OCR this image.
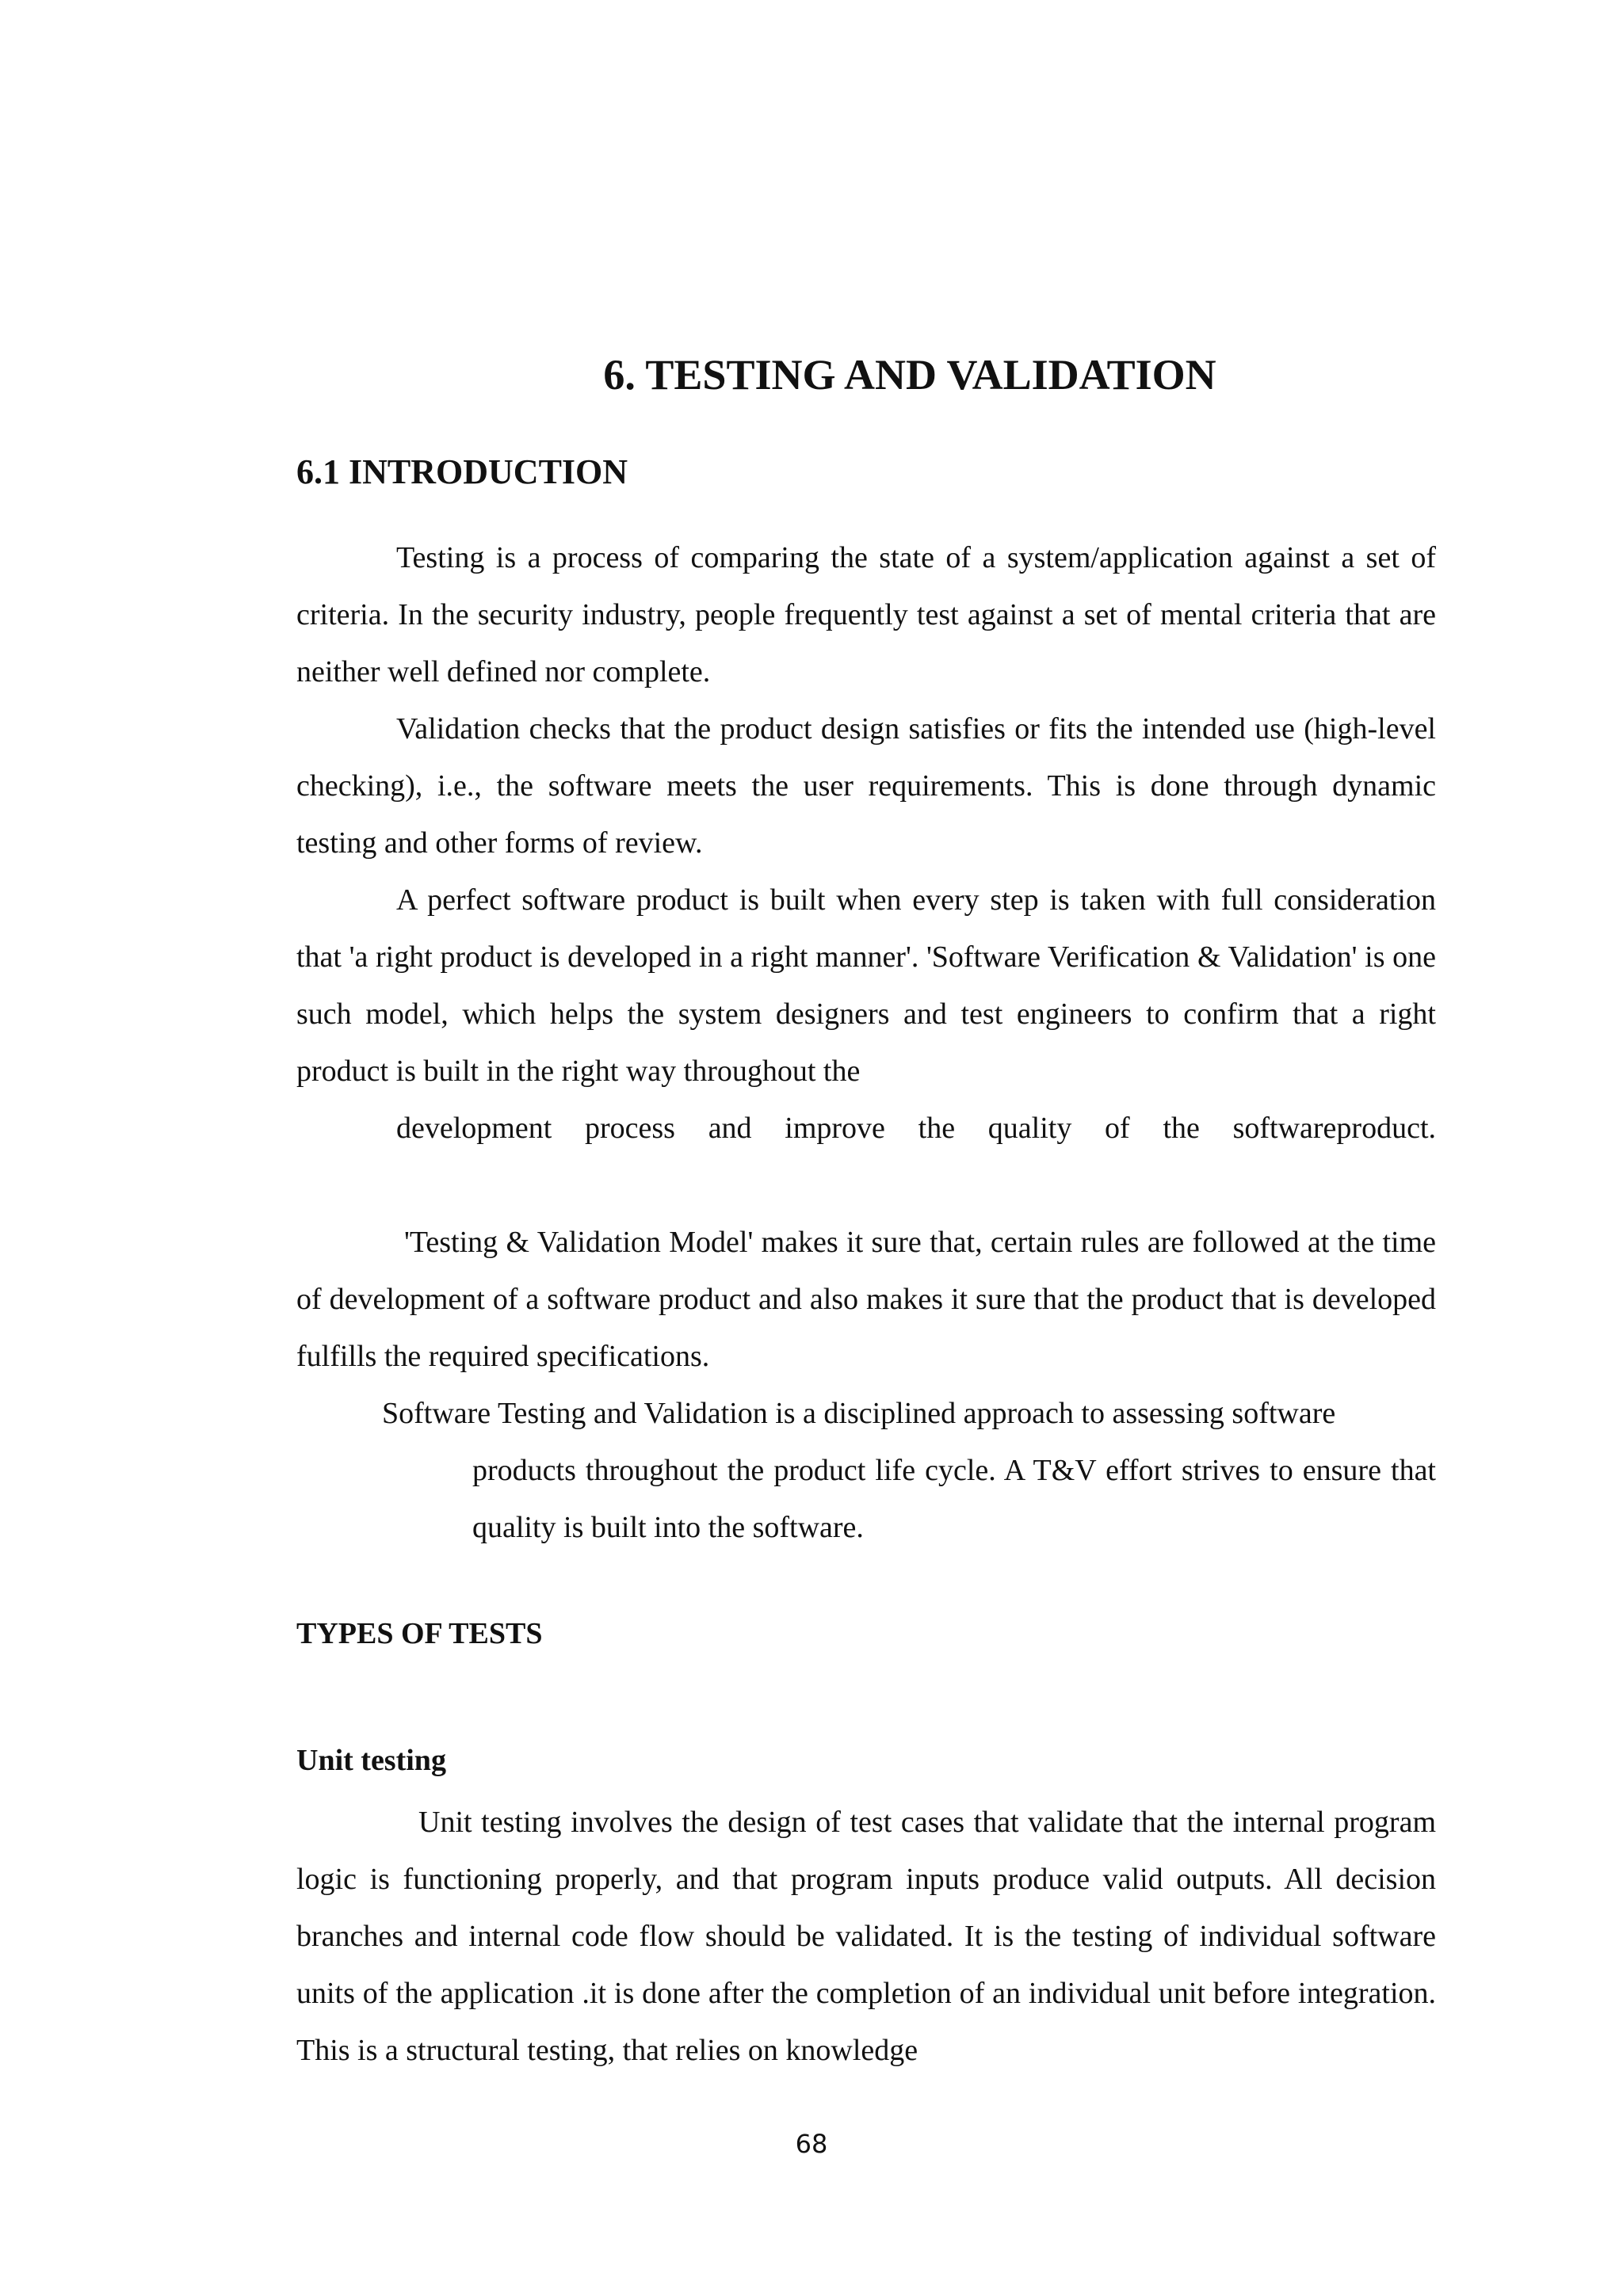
6. TESTING AND VALIDATION
6.1 INTRODUCTION

Testing is a process of comparing the state of a system/application against a set of criteria. In the security industry, people frequently test against a set of mental criteria that are neither well defined nor complete.

Validation checks that the product design satisfies or fits the intended use (high-level checking), i.e., the software meets the user requirements. This is done through dynamic testing and other forms of review.

A perfect software product is built when every step is taken with full consideration that 'a right product is developed in a right manner'. 'Software Verification & Validation' is one such model, which helps the system designers and test engineers to confirm that a right product is built in the right way throughout the
development process and improve the quality of the softwareproduct.

'Testing & Validation Model' makes it sure that, certain rules are followed at the time of development of a software product and also makes it sure that the product that is developed fulfills the required specifications.

Software Testing and Validation is a disciplined approach to assessing software
products throughout the product life cycle. A T&V effort strives to ensure that quality is built into the software.

TYPES OF TESTS
Unit testing

Unit testing involves the design of test cases that validate that the internal program logic is functioning properly, and that program inputs produce valid outputs. All decision branches and internal code flow should be validated. It is the testing of individual software units of the application .it is done after the completion of an individual unit before integration. This is a structural testing, that relies on knowledge

68
